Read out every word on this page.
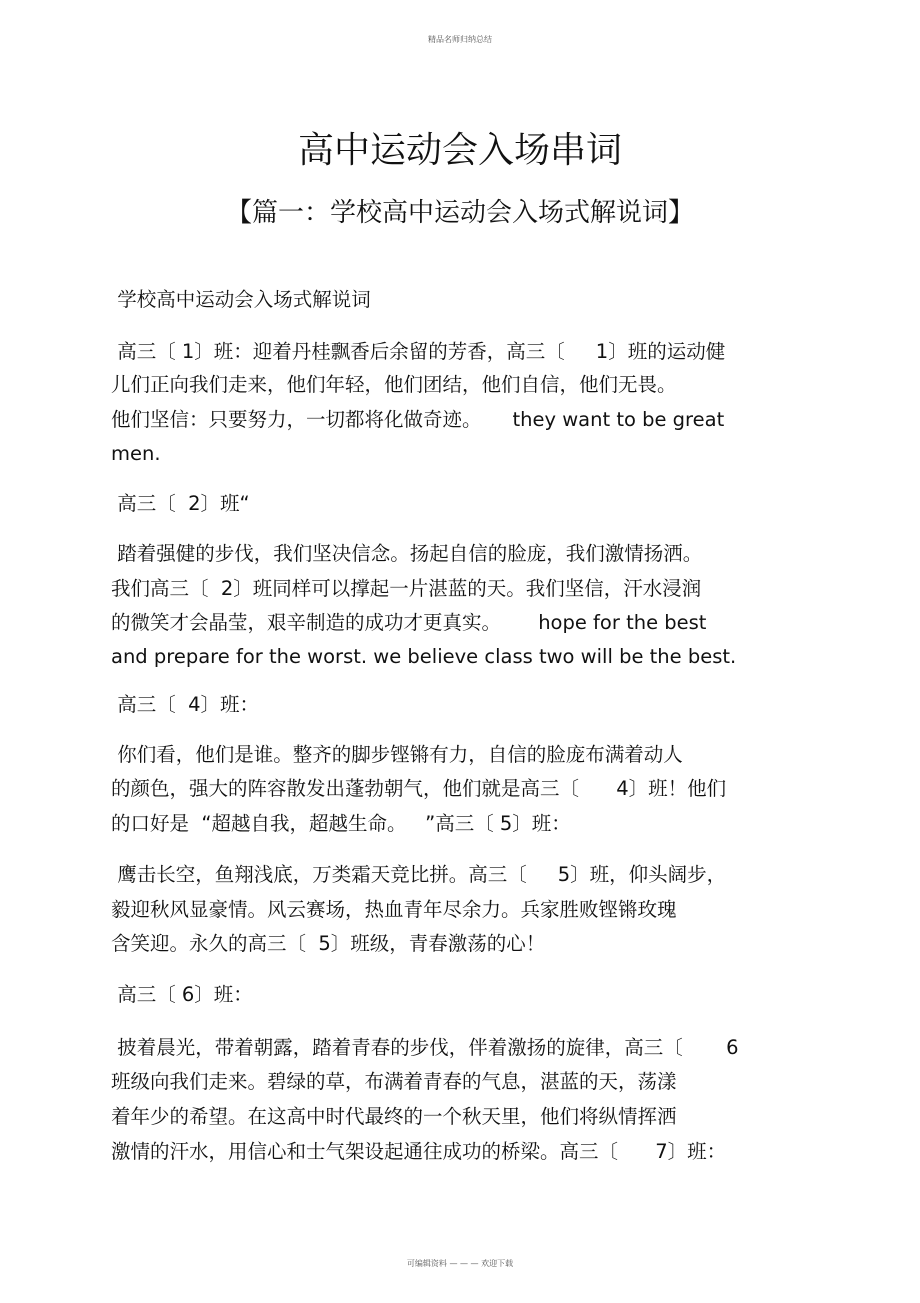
精品名师归纳总结
高中运动会入场串词
【篇一：学校高中运动会入场式解说词】
学校高中运动会入场式解说词
高三〔 1〕班：迎着丹桂飘香后余留的芳香，高三〔     1〕班的运动健
儿们正向我们走来，他们年轻，他们团结，他们自信，他们无畏。
他们坚信：只要努力，一切都将化做奇迹。     they want to be great
men.
高三〔  2〕班“
踏着强健的步伐，我们坚决信念。扬起自信的脸庞，我们激情扬洒。
我们高三〔  2〕班同样可以撑起一片湛蓝的天。我们坚信，汗水浸润
的微笑才会晶莹，艰辛制造的成功才更真实。      hope for the best
and prepare for the worst. we believe class two will be the best.
高三〔  4〕班：
你们看，他们是谁。整齐的脚步铿锵有力，自信的脸庞布满着动人
的颜色，强大的阵容散发出蓬勃朝气，他们就是高三〔      4〕班！他们
的口好是  “超越自我，超越生命。   ”高三〔 5〕班：
鹰击长空，鱼翔浅底，万类霜天竞比拼。高三〔     5〕班，仰头阔步，
毅迎秋风显豪情。风云赛场，热血青年尽余力。兵家胜败铿锵玫瑰
含笑迎。永久的高三〔  5〕班级，青春激荡的心！
高三〔 6〕班：
披着晨光，带着朝露，踏着青春的步伐，伴着激扬的旋律，高三〔       6
班级向我们走来。碧绿的草，布满着青春的气息，湛蓝的天，荡漾
着年少的希望。在这高中时代最终的一个秋天里，他们将纵情挥洒
激情的汗水，用信心和士气架设起通往成功的桥梁。高三〔      7〕班：
可编辑资料 — — — 欢迎下载
